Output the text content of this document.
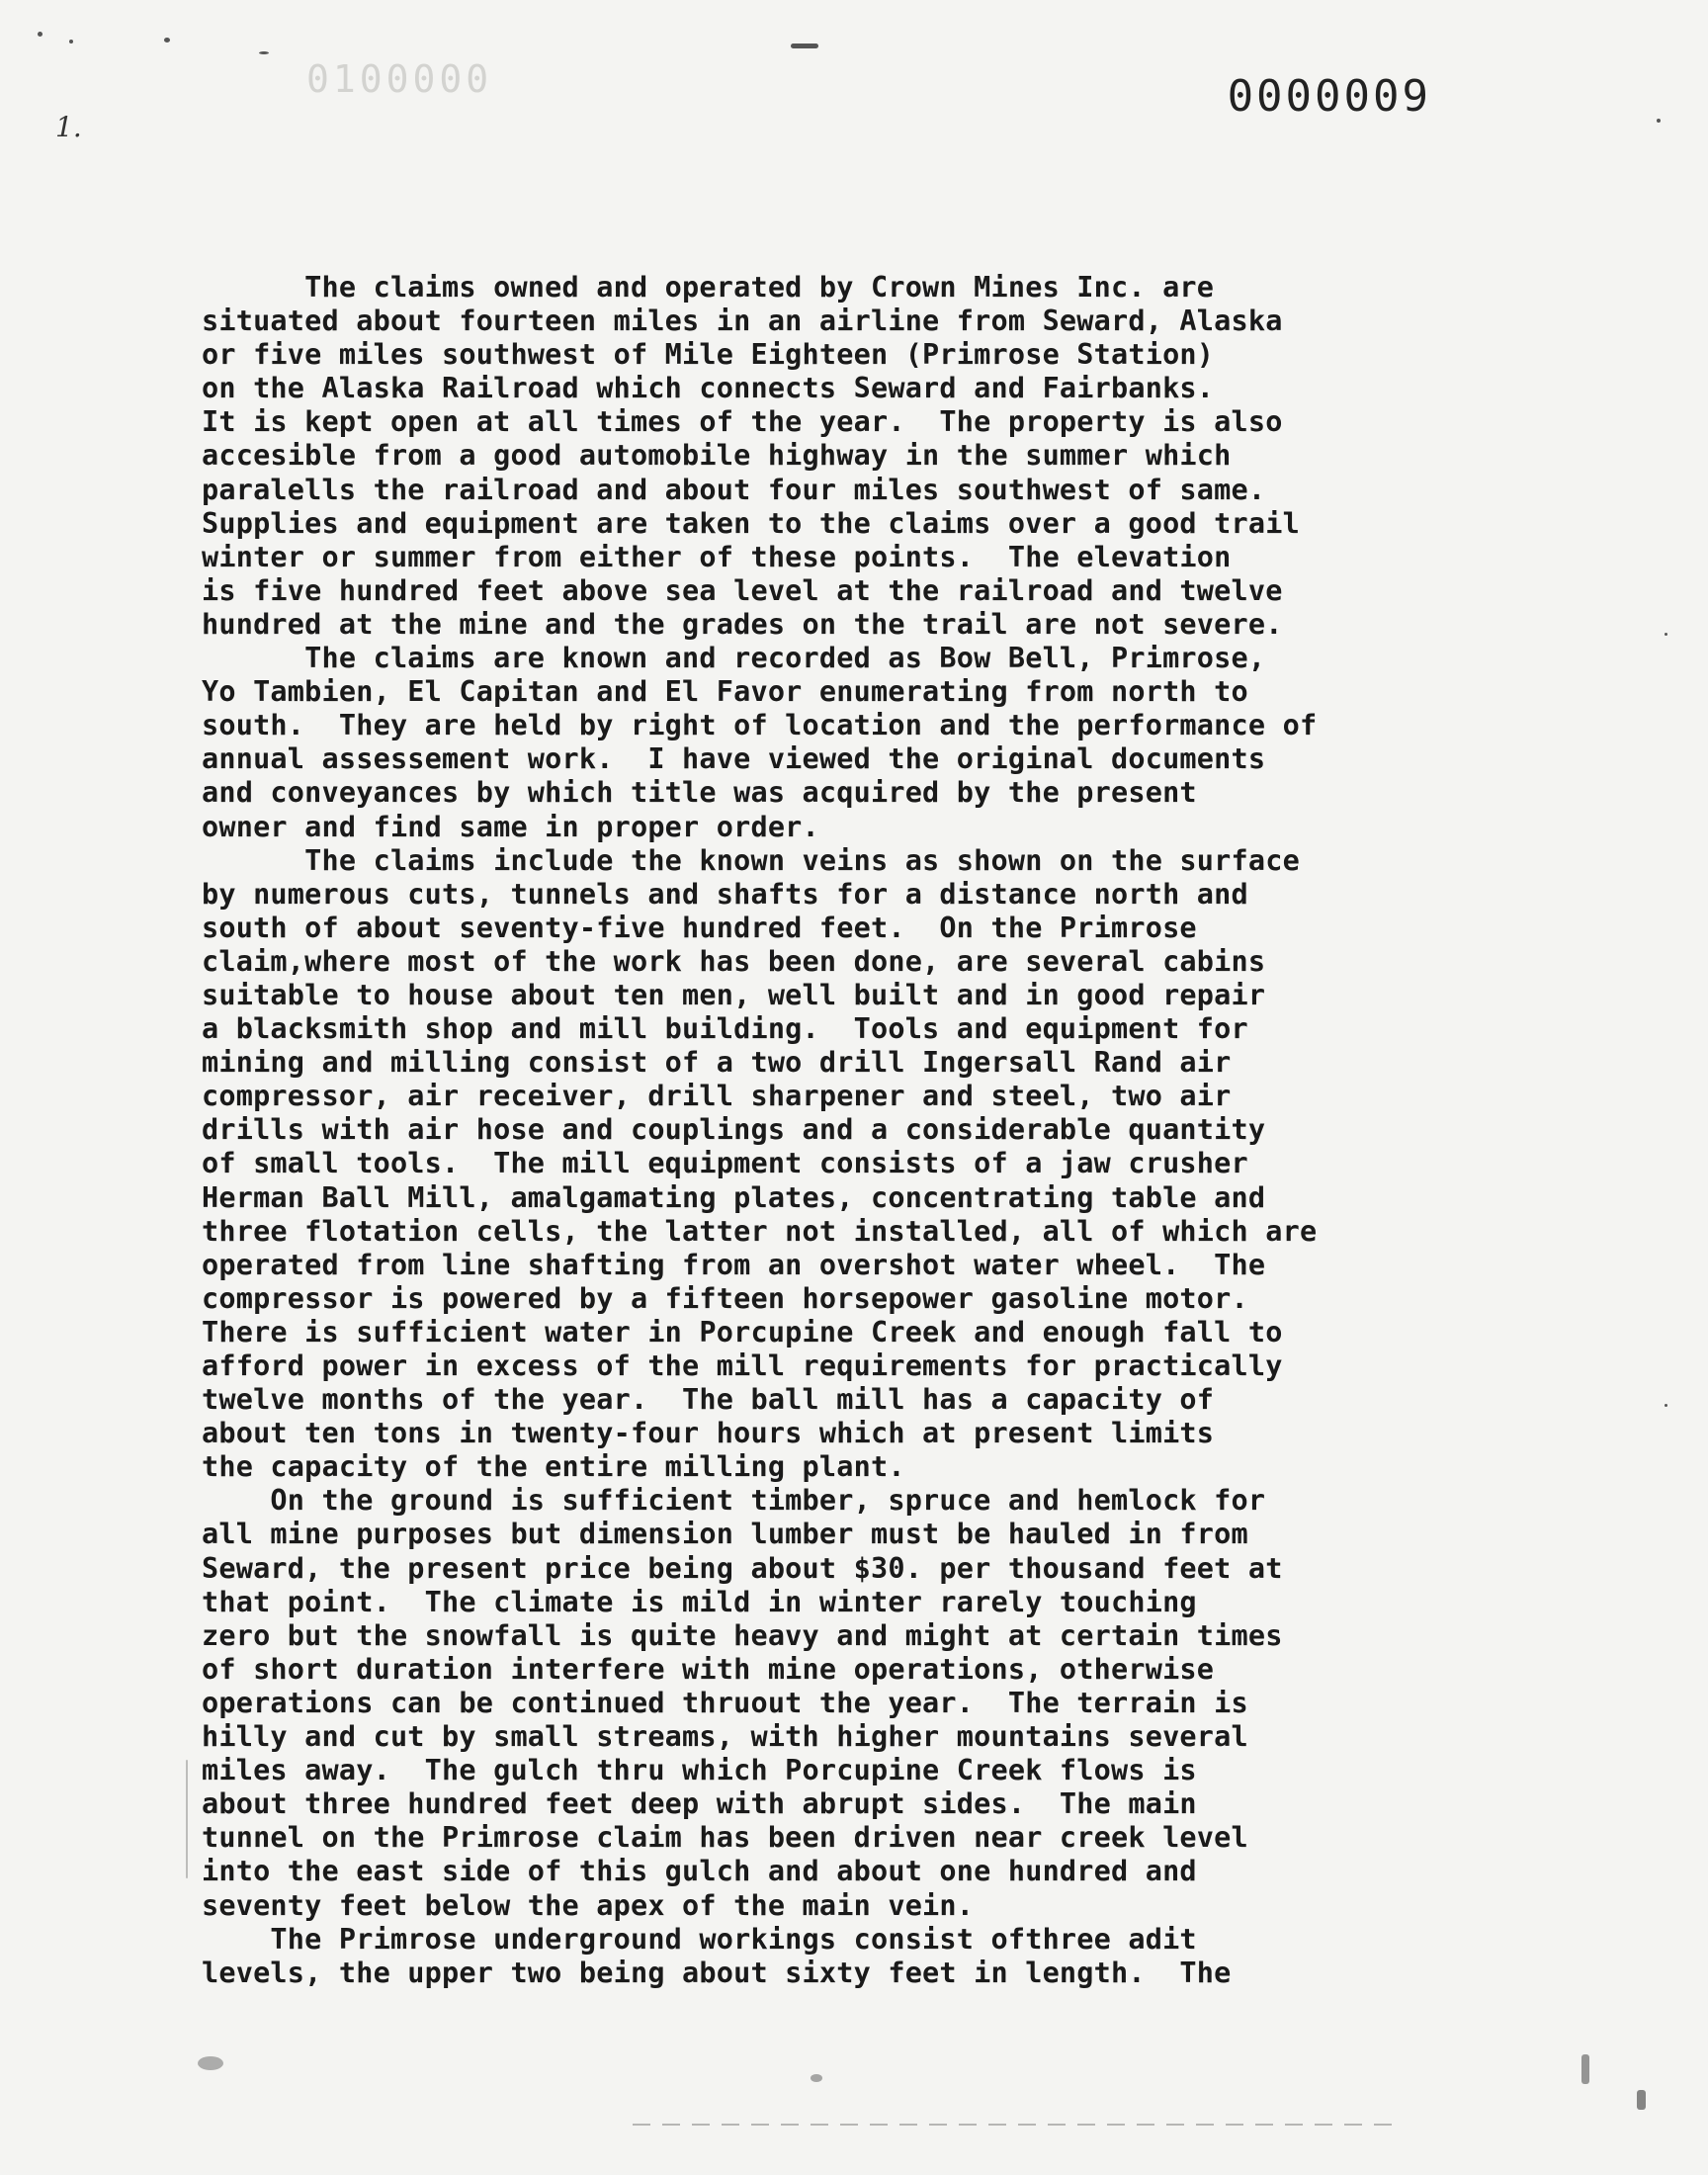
0100000	0000009
1.
The claims owned and operated by Crown Mines Inc. are
situated about fourteen miles in an airline from Seward, Alaska
or five miles southwest of Mile Eighteen (Primrose Station)
on the Alaska Railroad which connects Seward and Fairbanks.
It is kept open at all times of the year.  The property is also
accesible from a good automobile highway in the summer which
paralells the railroad and about four miles southwest of same.
Supplies and equipment are taken to the claims over a good trail
winter or summer from either of these points.  The elevation
is five hundred feet above sea level at the railroad and twelve
hundred at the mine and the grades on the trail are not severe.
The claims are known and recorded as Bow Bell, Primrose,
Yo Tambien, El Capitan and El Favor enumerating from north to
south.  They are held by right of location and the performance of
annual assessement work.  I have viewed the original documents
and conveyances by which title was acquired by the present
owner and find same in proper order.
The claims include the known veins as shown on the surface
by numerous cuts, tunnels and shafts for a distance north and
south of about seventy-five hundred feet.  On the Primrose
claim,where most of the work has been done, are several cabins
suitable to house about ten men, well built and in good repair
a blacksmith shop and mill building.  Tools and equipment for
mining and milling consist of a two drill Ingersall Rand air
compressor, air receiver, drill sharpener and steel, two air
drills with air hose and couplings and a considerable quantity
of small tools.  The mill equipment consists of a jaw crusher
Herman Ball Mill, amalgamating plates, concentrating table and
three flotation cells, the latter not installed, all of which are
operated from line shafting from an overshot water wheel.  The
compressor is powered by a fifteen horsepower gasoline motor.
There is sufficient water in Porcupine Creek and enough fall to
afford power in excess of the mill requirements for practically
twelve months of the year.  The ball mill has a capacity of
about ten tons in twenty-four hours which at present limits
the capacity of the entire milling plant.
On the ground is sufficient timber, spruce and hemlock for
all mine purposes but dimension lumber must be hauled in from
Seward, the present price being about $30. per thousand feet at
that point.  The climate is mild in winter rarely touching
zero but the snowfall is quite heavy and might at certain times
of short duration interfere with mine operations, otherwise
operations can be continued thruout the year.  The terrain is
hilly and cut by small streams, with higher mountains several
miles away.  The gulch thru which Porcupine Creek flows is
about three hundred feet deep with abrupt sides.  The main
tunnel on the Primrose claim has been driven near creek level
into the east side of this gulch and about one hundred and
seventy feet below the apex of the main vein.
The Primrose underground workings consist ofthree adit
levels, the upper two being about sixty feet in length.  The
